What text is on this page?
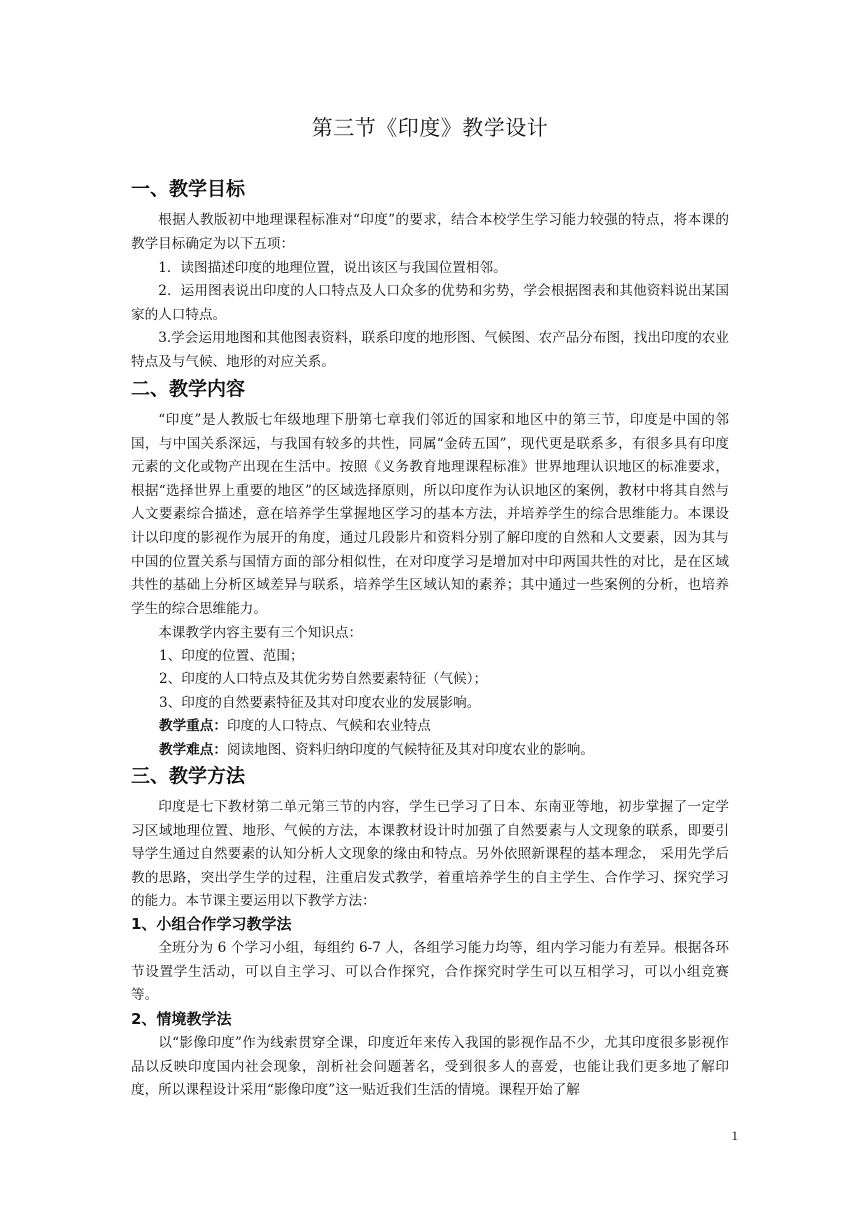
第三节《印度》教学设计
一、教学目标
根据人教版初中地理课程标准对“印度”的要求，结合本校学生学习能力较强的特点，将本课的教学目标确定为以下五项：
1．读图描述印度的地理位置，说出该区与我国位置相邻。
2．运用图表说出印度的人口特点及人口众多的优势和劣势，学会根据图表和其他资料说出某国家的人口特点。
3.学会运用地图和其他图表资料，联系印度的地形图、气候图、农产品分布图，找出印度的农业特点及与气候、地形的对应关系。
二、教学内容
“印度”是人教版七年级地理下册第七章我们邻近的国家和地区中的第三节，印度是中国的邻国，与中国关系深远，与我国有较多的共性，同属“金砖五国”，现代更是联系多，有很多具有印度元素的文化或物产出现在生活中。按照《义务教育地理课程标准》世界地理认识地区的标准要求，根据“选择世界上重要的地区”的区域选择原则，所以印度作为认识地区的案例，教材中将其自然与人文要素综合描述，意在培养学生掌握地区学习的基本方法，并培养学生的综合思维能力。本课设计以印度的影视作为展开的角度，通过几段影片和资料分别了解印度的自然和人文要素，因为其与中国的位置关系与国情方面的部分相似性，在对印度学习是增加对中印两国共性的对比，是在区域共性的基础上分析区域差异与联系，培养学生区域认知的素养；其中通过一些案例的分析，也培养学生的综合思维能力。
本课教学内容主要有三个知识点：
1、印度的位置、范围；
2、印度的人口特点及其优劣势自然要素特征（气候）；
3、印度的自然要素特征及其对印度农业的发展影响。
教学重点：印度的人口特点、气候和农业特点
教学难点：阅读地图、资料归纳印度的气候特征及其对印度农业的影响。
三、教学方法
印度是七下教材第二单元第三节的内容，学生已学习了日本、东南亚等地，初步掌握了一定学习区域地理位置、地形、气候的方法，本课教材设计时加强了自然要素与人文现象的联系，即要引导学生通过自然要素的认知分析人文现象的缘由和特点。另外依照新课程的基本理念， 采用先学后教的思路，突出学生学的过程，注重启发式教学，着重培养学生的自主学生、合作学习、探究学习的能力。本节课主要运用以下教学方法：
1、小组合作学习教学法
全班分为 6 个学习小组，每组约 6-7 人，各组学习能力均等，组内学习能力有差异。根据各环节设置学生活动，可以自主学习、可以合作探究，合作探究时学生可以互相学习，可以小组竞赛等。
2、情境教学法
以“影像印度”作为线索贯穿全课，印度近年来传入我国的影视作品不少，尤其印度很多影视作品以反映印度国内社会现象，剖析社会问题著名，受到很多人的喜爱，也能让我们更多地了解印度，所以课程设计采用“影像印度”这一贴近我们生活的情境。课程开始了解
1
